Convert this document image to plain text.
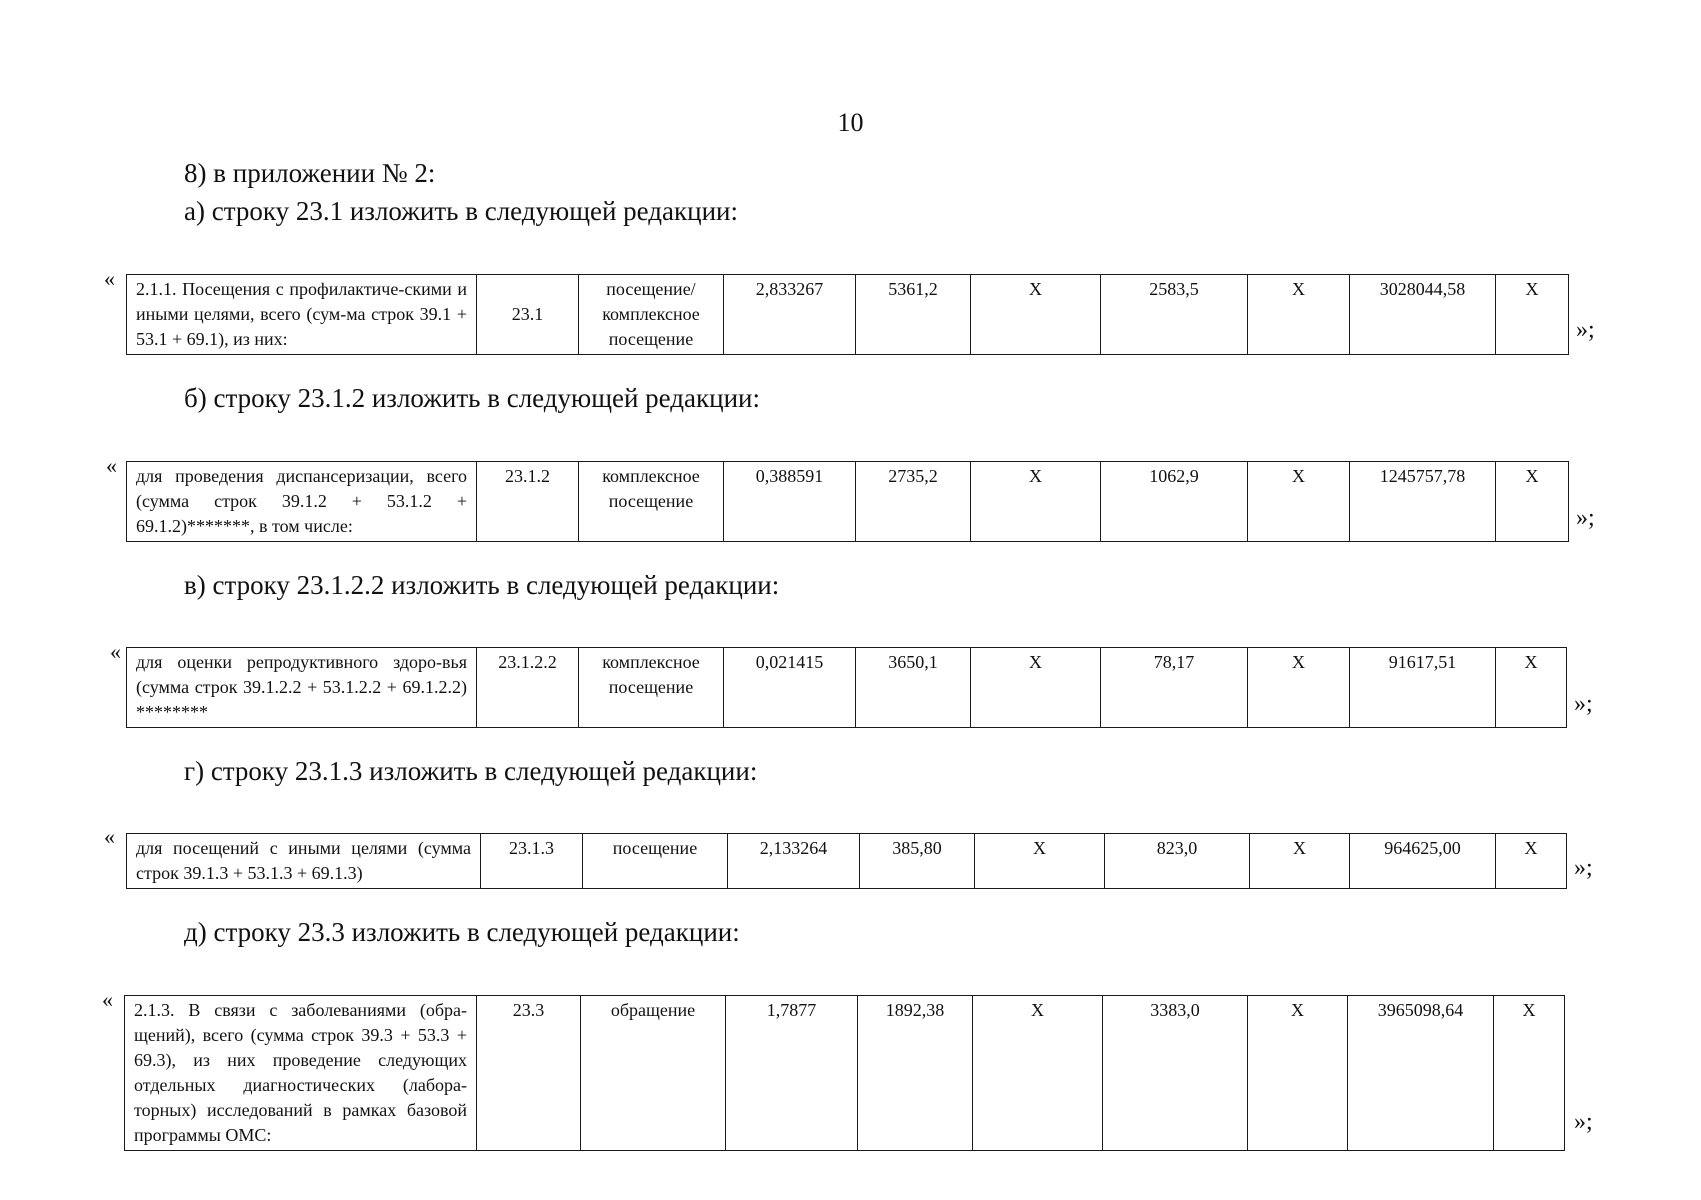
10
8) в приложении № 2:
а) строку 23.1 изложить в следующей редакции:
« 2.1.1. Посещения с профилактиче-скими и иными целями, всего (сум-ма строк 39.1 + 53.1 + 69.1), из них:	23.1	посещение/ комплексное посещение	2,833267	5361,2	X	2583,5	X	3028044,58	X
»;
б) строку 23.1.2 изложить в следующей редакции:
« для проведения диспансеризации, всего (сумма строк 39.1.2 + 53.1.2 + 69.1.2)*******, в том числе:	23.1.2	комплексное посещение	0,388591	2735,2	X	1062,9	X	1245757,78	X
»;
в) строку 23.1.2.2 изложить в следующей редакции:
« для оценки репродуктивного здоро-вья (сумма строк 39.1.2.2 + 53.1.2.2 + 69.1.2.2) ********	23.1.2.2	комплексное посещение	0,021415	3650,1	X	78,17	X	91617,51	X
»;
г) строку 23.1.3 изложить в следующей редакции:
« для посещений с иными целями (сумма строк 39.1.3 + 53.1.3 + 69.1.3)	23.1.3	посещение	2,133264	385,80	X	823,0	X	964625,00	X
»;
д) строку 23.3 изложить в следующей редакции:
« 2.1.3. В связи с заболеваниями (обра-щений), всего (сумма строк 39.3 + 53.3 + 69.3), из них проведение следующих отдельных диагностических (лабора-торных) исследований в рамках базовой программы ОМС:	23.3	обращение	1,7877	1892,38	X	3383,0	X	3965098,64	X
»;
